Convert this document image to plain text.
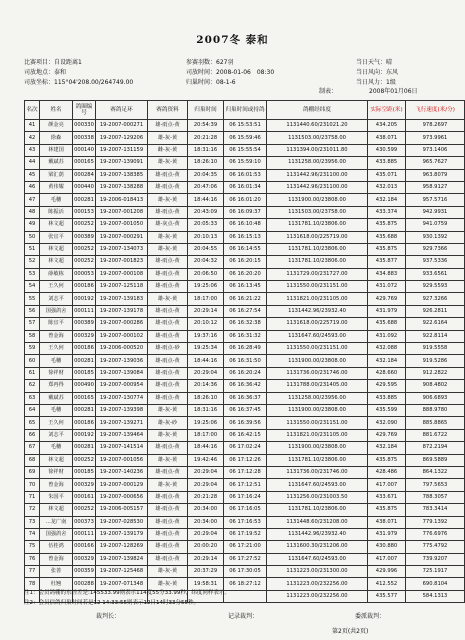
2007冬 泰和
比赛项目：自设距离1	参赛羽数：627羽	当日天气：晴
司放地点：泰和	司放时间：2008-01-06　08:30	当日风向：东风
司放坐标：115°04'208.00/264749.00	归巢时间：08-1-6	当日风力：1级
制表：	2008年01月06日
名次	姓名	鸽圈编号	赛鸽足环	赛鸽资料	归巢时间	归巢时间或持鸽	鸽棚经纬度	实际空距(米)	飞行速度(米/分)
41	颜金亮	000330	19-2007-000271	雄-雨点-黄	20:54:39	06 15:53:51	1131440.60/231021.20	434.205	978.2697
42	徐森	000338	19-2007-129206	雄-灰-黄	20:21:28	06 15:59:46	1131503.00/23758.00	438.071	973.9961
43	林建国	000140	19-2007-131159	雌-灰-黄	18:31:16	06 15:55:54	1131394.00/231011.80	430.599	973.1406
44	戴斌苏	000165	19-2007-139091	雄-灰-黄	18:26:10	06 15:59:10	1131258.00/23956.00	433.885	965.7627
45	梁汇荫	000284	19-2007-138385	雄-雨点-黄	20:04:35	06 16:01:53	1131442.96/231100.00	435.071	963.8079
46	黄伟耀	000440	19-2007-138288	雄-雨点-黄	20:47:06	06 16:01:34	1131442.96/231100.00	432.013	958.9127
47	毛穗	000281	19-2006-018413	雄-灰-黄	18:44:16	06 16:01:20	1131900.00/23808.00	432.184	957.5716
48	陈振活	000153	19-2007-001208	雄-雨点-黄	20:43:09	06 16:09:37	1131503.00/23758.00	433.374	942.9931
49	林文超	000252	19-2007-001050	雄-灰点-黄	20:05:33	06 16:10:48	1131781.10/23806.00	435.875	941.0759
50	张宜平	000389	19-2007-000291	雄-灰-黄	20:10:13	06 16:15:13	1131618.00/225719.00	435.688	930.1392
51	林文超	000252	19-2007-134073	雄-灰-黄	20:04:55	06 16:14:55	1131781.10/23806.00	435.875	929.7366
52	林文超	000252	19-2007-001823	雄-雨点-黄	20:04:32	06 16:20:15	1131781.10/23806.00	435.877	937.5336
53	薛敏栋	000053	19-2007-000108	雄-雨点-黄	20:06:50	06 16:20:20	1131729.00/231727.00	434.883	933.6561
54	王久何	000186	19-2007-125118	雄-雨点-黄	19:25:06	06 16:13:45	1131550.00/231151.00	431.072	929.5593
55	刘志平	000192	19-2007-139183	雄-灰-黄	18:17:00	06 16:21:22	1131821.00/231105.00	429.769	927.3266
56	国强鸽舍	000111	19-2007-139178	雄-雨点-黄	20:29:14	06 16:27:54	1131442.96/23932.40	431.979	926.2811
57	陈宜平	000389	19-2007-000286	雄-雨点-黄	20:10:12	06 16:32:38	1131618.00/225719.00	435.688	922.6164
58	曾金海	000329	19-2007-000102	雄-雨点-黄	19:37:16	06 16:31:32	1131647.60/24593.00	431.092	922.8114
59	王久何	000186	19-2006-000520	雄-雨点-砂	19:25:34	06 16:28:49	1131550.00/231151.00	432.088	919.5558
60	毛穗	000281	19-2007-139036	雄-雨点-黄	18:44:16	06 16:31:50	1131900.00/23808.00	432.184	919.5286
61	徐祥财	000185	19-2007-139084	雄-雨点-黄	20:29:04	06 16:20:24	1131736.00/231746.00	428.660	912.2822
62	郑再得	000490	19-2007-000954	雄-雨点-黄	20:14:36	06 16:36:42	1131788.00/231405.00	429.595	908.4802
63	戴斌苏	000165	19-2007-130774	雄-雨点-黄	18:26:10	06 16:36:37	1131258.00/23956.00	433.885	906.6893
64	毛穗	000281	19-2007-139398	雄-灰-黄	18:31:16	06 16:37:45	1131900.00/23808.00	435.599	888.9780
65	王久何	000186	19-2007-139271	雄-灰-砂	19:25:06	06 16:39:56	1131550.00/231151.00	432.090	885.8865
66	刘志平	000192	19-2007-139464	雄-灰-黄	18:17:00	06 16:42:15	1131821.00/231105.00	429.769	881.6722
67	毛穗	000281	19-2007-141514	雄-雨点-黄	18:44:16	06 17:02:24	1131900.00/23808.00	432.184	872.2194
68	林文超	000252	19-2007-001056	雄-灰-黄	19:42:46	06 17:12:26	1131781.10/23806.00	435.875	869.5889
69	徐祥财	000185	19-2007-140236	雄-雨点-黄	20:29:04	06 17:12:28	1131736.00/231746.00	428.486	864.1322
70	曾金海	000329	19-2007-000129	雄-灰-黄	20:29:04	06 17:12:51	1131647.60/24593.00	417.007	797.5653
71	朱国平	000161	19-2007-000656	雄-雨点-黄	20:21:28	06 17:16:24	1131256.00/231003.50	433.671	788.3057
72	林文超	000252	19-2006-005157	雄-雨点-黄	20:34:00	06 17:16:05	1131781.10/23806.00	435.875	783.3414
73	…龙广南	000373	19-2007-028530	雄-雨点-黄	20:34:00	06 17:16:53	1131448.60/231208.00	438.071	779.1392
74	国强鸽舍	000111	19-2007-139179	雄-雨点-黄	20:29:04	06 17:19:52	1131442.96/23932.40	431.979	776.6976
75	伍桂鸿	000166	19-2007-128269	雄-雨点-黄	20:00:20	06 17:21:00	1131600.30/231206.00	430.880	775.4792
76	曾金海	000329	19-2007-139824	雄-雨点-黄	20:29:14	06 17:27:52	1131647.60/24593.00	417.007	739.9207
77	张善	000359	19-2007-125468	雄-灰-黄	20:37:29	06 17:30:05	1131223.00/231300.00	429.996	725.1917
78	杜翘	000288	19-2007-071348	雄-灰-黄	19:58:31	06 18:27:12	1131223.00/232256.00	412.552	690.8104
							1131223.00/232256.00	435.577	584.1313
注1：会员鸽棚的东经差是:145533.99则表示114度55分33.99秒，纬度同样表示。
注2：会员信鸽归巢时间若是12 14:33:55则表示12日14时33分55秒。
裁判长：	记录裁判：	委派裁判：
第2页(共2页)
